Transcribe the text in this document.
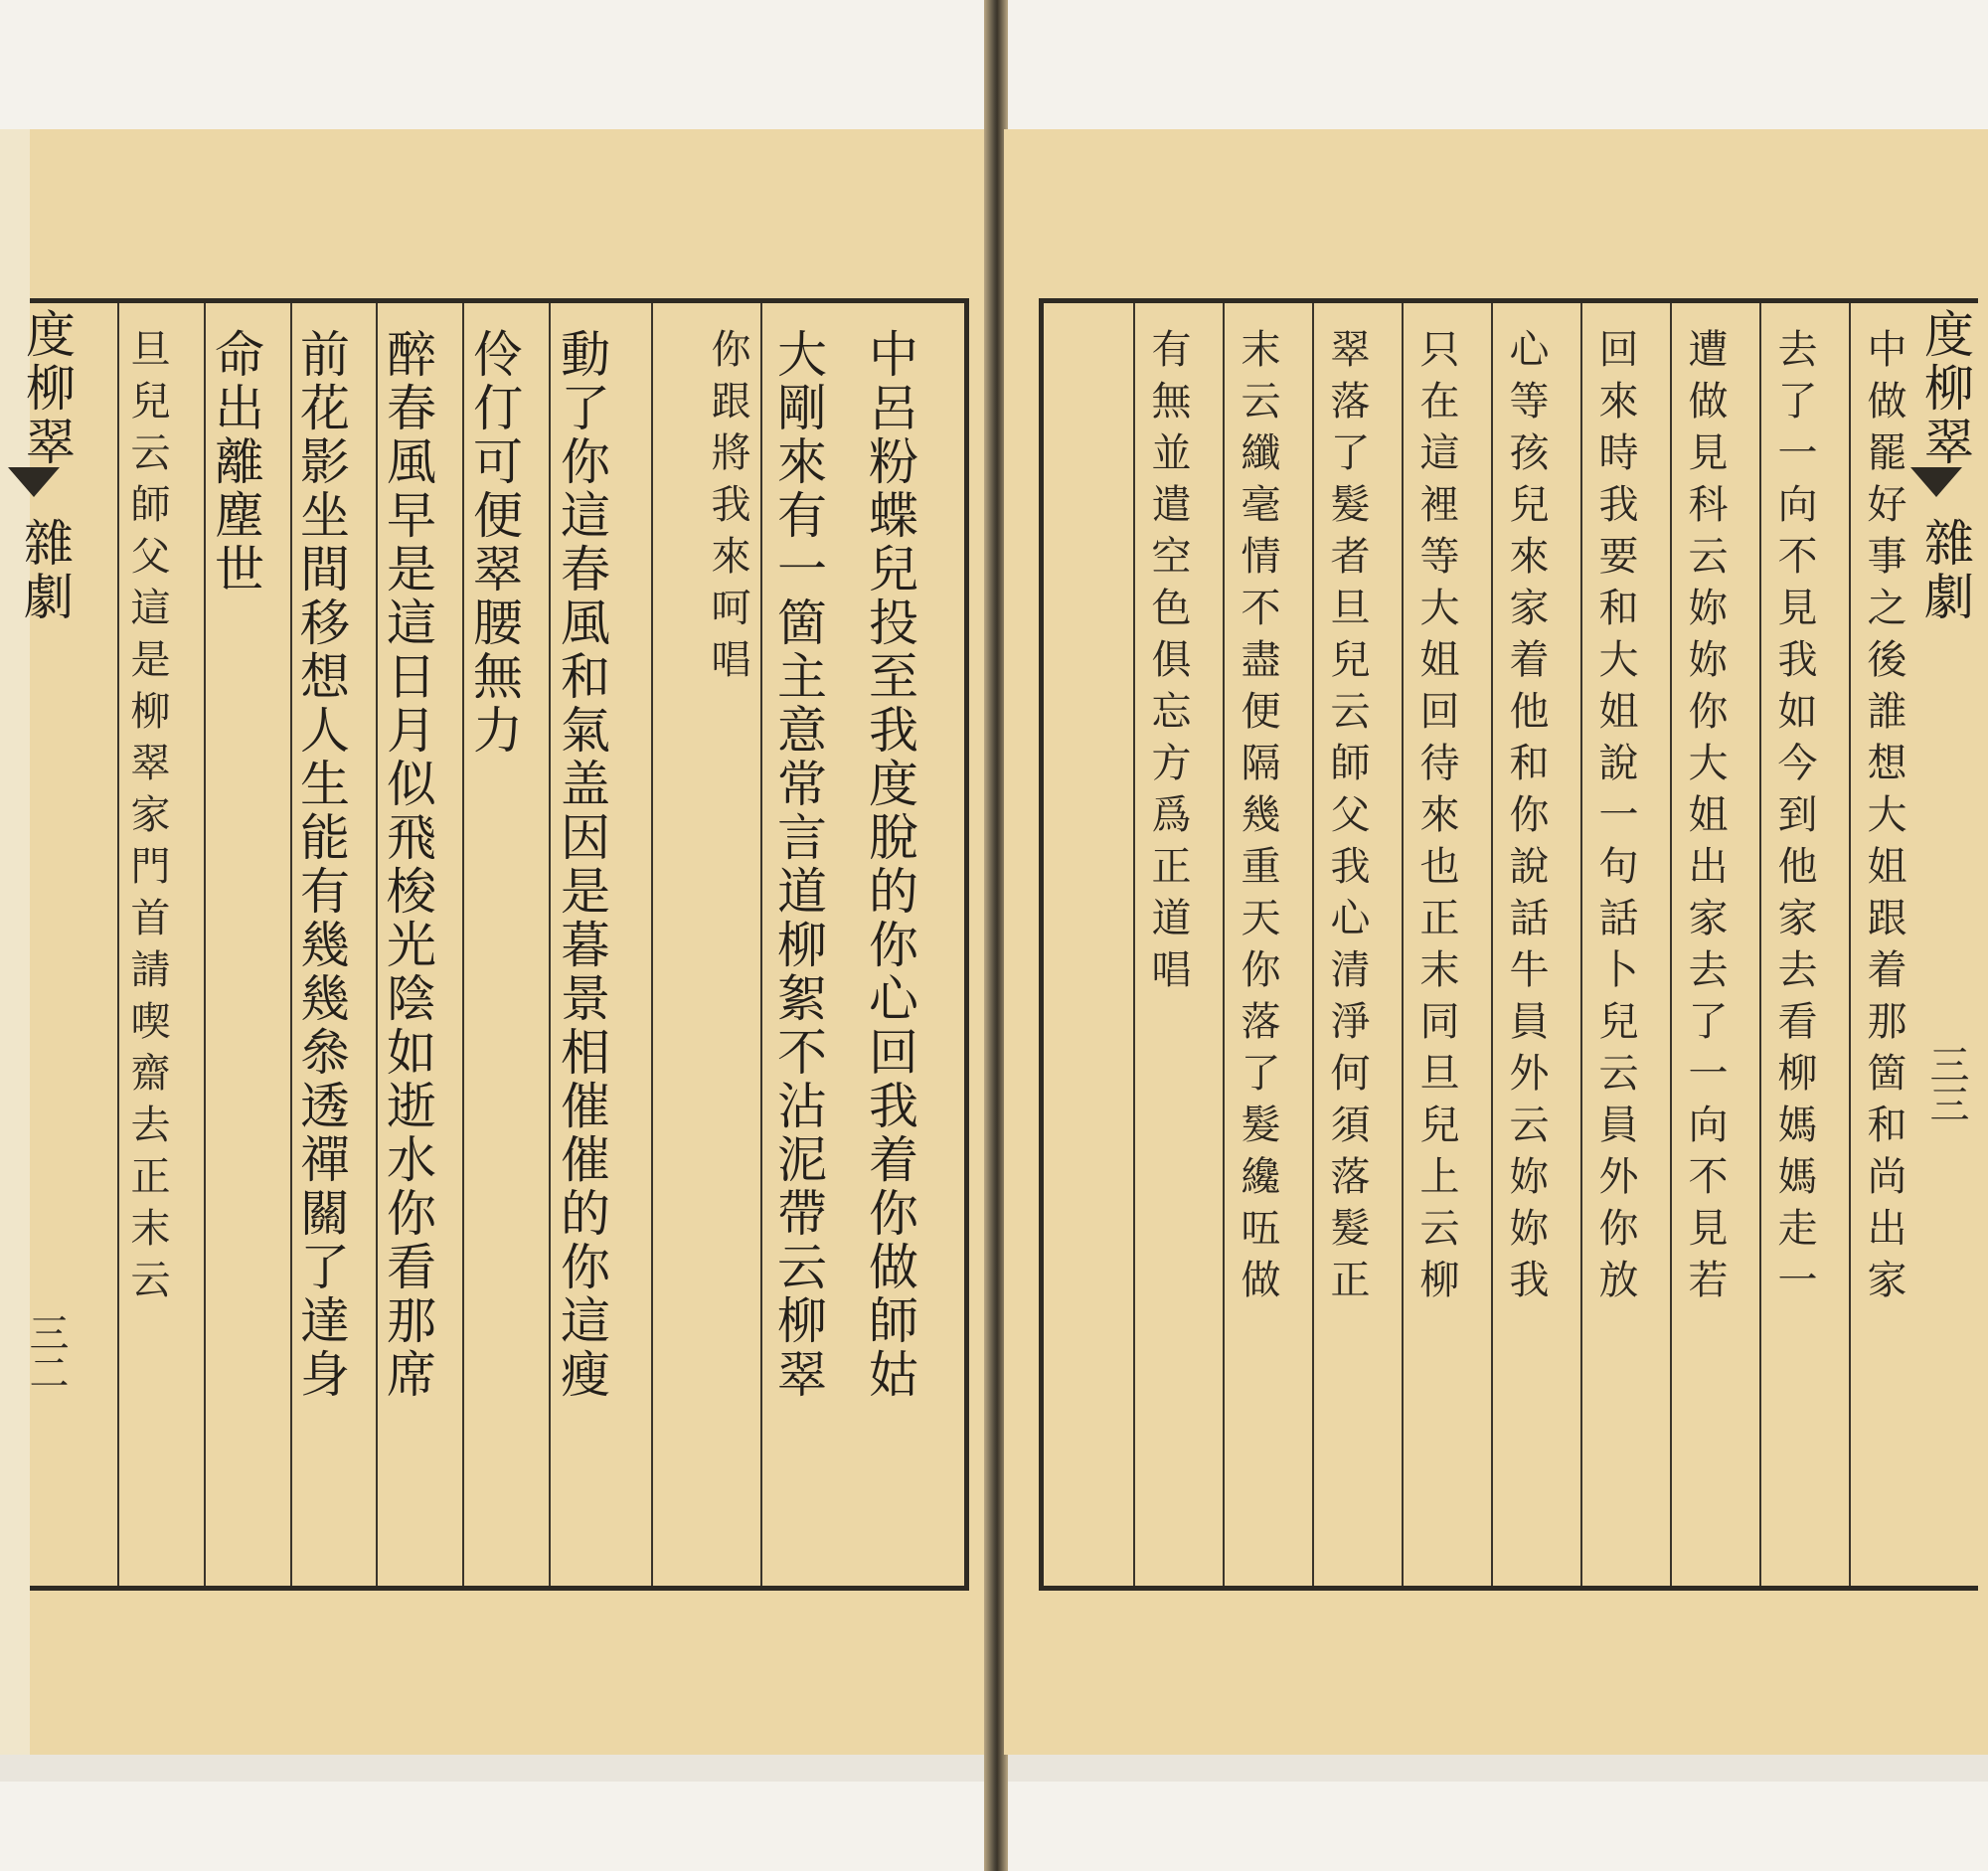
度柳翠
雜劇
三二	中呂粉蝶兒投至我度脫的你心回我着你做師姑
你跟將我來呵唱 大剛來有一箇主意常言道柳絮不沾泥帶云柳翠
動了你這春風和氣盖因是暮景相催催的你這瘦
伶仃可便翠腰無力
醉春風早是這日月似飛梭光陰如逝水你看那席
前花影坐間移想人生能有幾幾叅透禪關了達身
命出離塵世
旦兒云師父這是柳翠家門首請喫齋去正末云	度柳翠
雜劇
三三
中做罷好事之後誰想大姐跟着那箇和尚出家
去了一向不見我如今到他家去看柳媽媽走一
遭做見科云妳妳你大姐出家去了一向不見若
回來時我要和大姐說一句話卜兒云員外你放
心等孩兒來家着他和你說話牛員外云妳妳我
只在這裡等大姐回待來也正末同旦兒上云柳
翠落了髮者旦兒云師父我心清淨何須落髮正
末云纖毫情不盡便隔幾重天你落了髮纔㕶做
有無並遣空色俱忘方爲正道唱
